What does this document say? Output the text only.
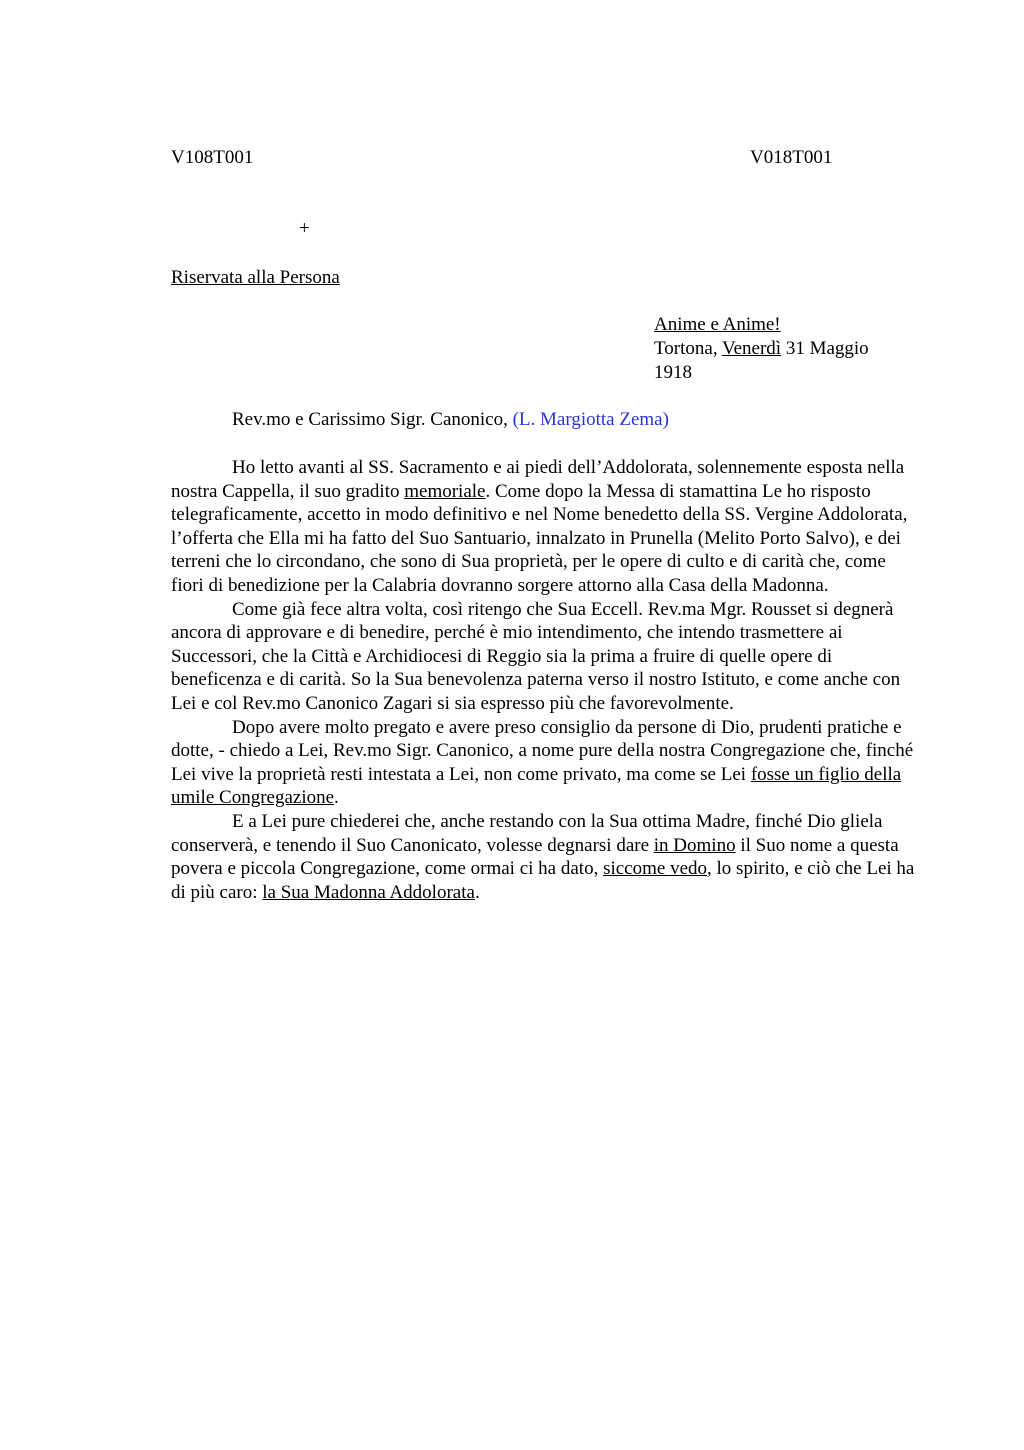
V108T001	V018T001
+
Riservata alla Persona
Anime e Anime!
Tortona, Venerdì 31 Maggio
1918
Rev.mo e Carissimo Sigr. Canonico, (L. Margiotta Zema)

Ho letto avanti al SS. Sacramento e ai piedi dell’Addolorata, solennemente esposta nella nostra Cappella, il suo gradito memoriale. Come dopo la Messa di stamattina Le ho risposto telegraficamente, accetto in modo definitivo e nel Nome benedetto della SS. Vergine Addolorata, l’offerta che Ella mi ha fatto del Suo Santuario, innalzato in Prunella (Melito Porto Salvo), e dei terreni che lo circondano, che sono di Sua proprietà, per le opere di culto e di carità che, come fiori di benedizione per la Calabria dovranno sorgere attorno alla Casa della Madonna.

Come già fece altra volta, così ritengo che Sua Eccell. Rev.ma Mgr. Rousset si degnerà ancora di approvare e di benedire, perché è mio intendimento, che intendo trasmettere ai Successori, che la Città e Archidiocesi di Reggio sia la prima a fruire di quelle opere di beneficenza e di carità. So la Sua benevolenza paterna verso il nostro Istituto, e come anche con Lei e col Rev.mo Canonico Zagari si sia espresso più che favorevolmente.

Dopo avere molto pregato e avere preso consiglio da persone di Dio, prudenti pratiche e dotte, - chiedo a Lei, Rev.mo Sigr. Canonico, a nome pure della nostra Congregazione che, finché Lei vive la proprietà resti intestata a Lei, non come privato, ma come se Lei fosse un figlio della umile Congregazione.

E a Lei pure chiederei che, anche restando con la Sua ottima Madre, finché Dio gliela conserverà, e tenendo il Suo Canonicato, volesse degnarsi dare in Domino il Suo nome a questa povera e piccola Congregazione, come ormai ci ha dato, siccome vedo, lo spirito, e ciò che Lei ha di più caro: la Sua Madonna Addolorata.
